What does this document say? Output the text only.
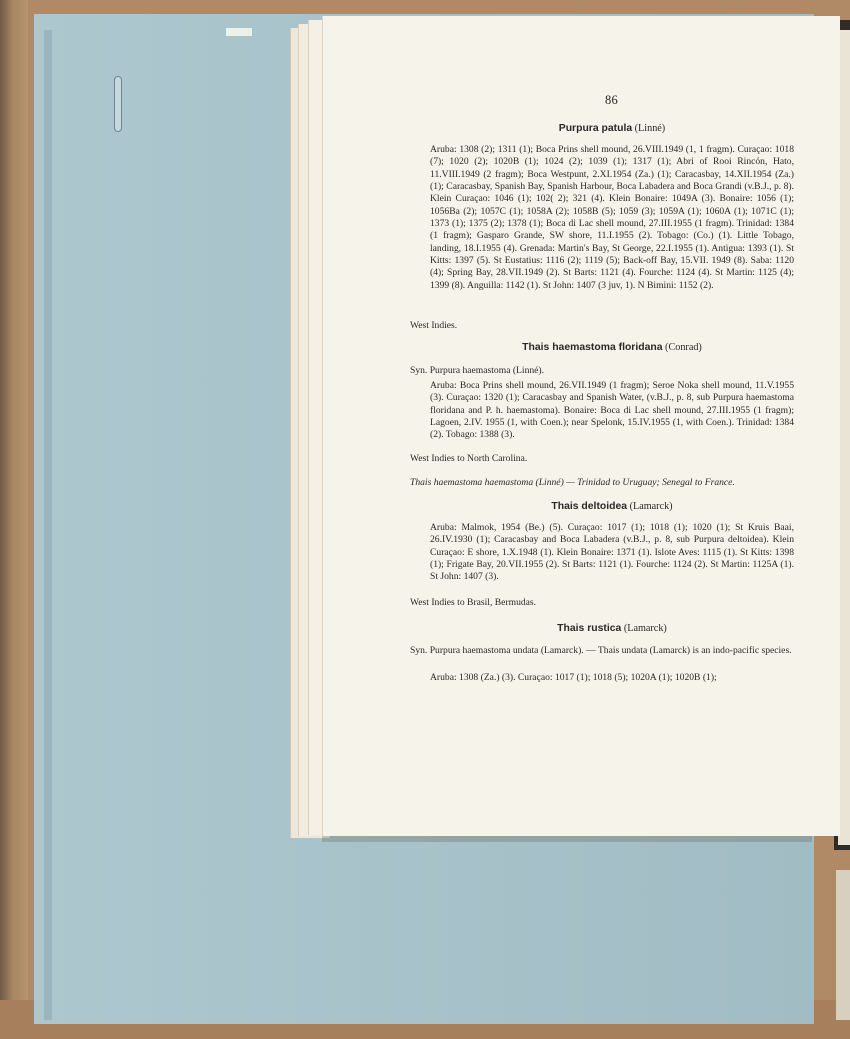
86
Purpura patula (Linné)
Aruba: 1308 (2); 1311 (1); Boca Prins shell mound, 26.VIII.1949 (1, 1 fragm). Curaçao: 1018 (7); 1020 (2); 1020B (1); 1024 (2); 1039 (1); 1317 (1); Abri of Rooi Rincón, Hato, 11.VIII.1949 (2 fragm); Boca Westpunt, 2.XI.1954 (Za.) (1); Caracasbay, 14.XII.1954 (Za.) (1); Caracasbay, Spanish Bay, Spanish Harbour, Boca Labadera and Boca Grandi (v.B.J., p. 8). Klein Curaçao: 1046 (1); 102( 2); 321 (4). Klein Bonaire: 1049A (3). Bonaire: 1056 (1); 1056Ba (2); 1057C (1); 1058A (2); 1058B (5); 1059 (3); 1059A (1); 1060A (1); 1071C (1); 1373 (1); 1375 (2); 1378 (1); Boca di Lac shell mound, 27.III.1955 (1 fragm). Trinidad: 1384 (1 fragm); Gasparo Grande, SW shore, 11.I.1955 (2). Tobago: (Co.) (1). Little Tobago, landing, 18.I.1955 (4). Grenada: Martin's Bay, St George, 22.I.1955 (1). Antigua: 1393 (1). St Kitts: 1397 (5). St Eustatius: 1116 (2); 1119 (5); Back-off Bay, 15.VII. 1949 (8). Saba: 1120 (4); Spring Bay, 28.VII.1949 (2). St Barts: 1121 (4). Fourche: 1124 (4). St Martin: 1125 (4); 1399 (8). Anguilla: 1142 (1). St John: 1407 (3 juv, 1). N Bimini: 1152 (2).
West Indies.
Thais haemastoma floridana (Conrad)
Syn. Purpura haemastoma (Linné).
Aruba: Boca Prins shell mound, 26.VII.1949 (1 fragm); Seroe Noka shell mound, 11.V.1955 (3). Curaçao: 1320 (1); Caracasbay and Spanish Water, (v.B.J., p. 8, sub Purpura haemastoma floridana and P. h. haemastoma). Bonaire: Boca di Lac shell mound, 27.III.1955 (1 fragm); Lagoen, 2.IV. 1955 (1, with Coen.); near Spelonk, 15.IV.1955 (1, with Coen.). Trinidad: 1384 (2). Tobago: 1388 (3).
West Indies to North Carolina.
Thais haemastoma haemastoma (Linné) — Trinidad to Uruguay; Senegal to France.
Thais deltoidea (Lamarck)
Aruba: Malmok, 1954 (Be.) (5). Curaçao: 1017 (1); 1018 (1); 1020 (1); St Kruis Baai, 26.IV.1930 (1); Caracasbay and Boca Labadera (v.B.J., p. 8, sub Purpura deltoidea). Klein Curaçao: E shore, 1.X.1948 (1). Klein Bonaire: 1371 (1). Islote Aves: 1115 (1). St Kitts: 1398 (1); Frigate Bay, 20.VII.1955 (2). St Barts: 1121 (1). Fourche: 1124 (2). St Martin: 1125A (1). St John: 1407 (3).
West Indies to Brasil, Bermudas.
Thais rustica (Lamarck)
Syn. Purpura haemastoma undata (Lamarck). — Thais undata (Lamarck) is an indo-pacific species.
Aruba: 1308 (Za.) (3). Curaçao: 1017 (1); 1018 (5); 1020A (1); 1020B (1);
